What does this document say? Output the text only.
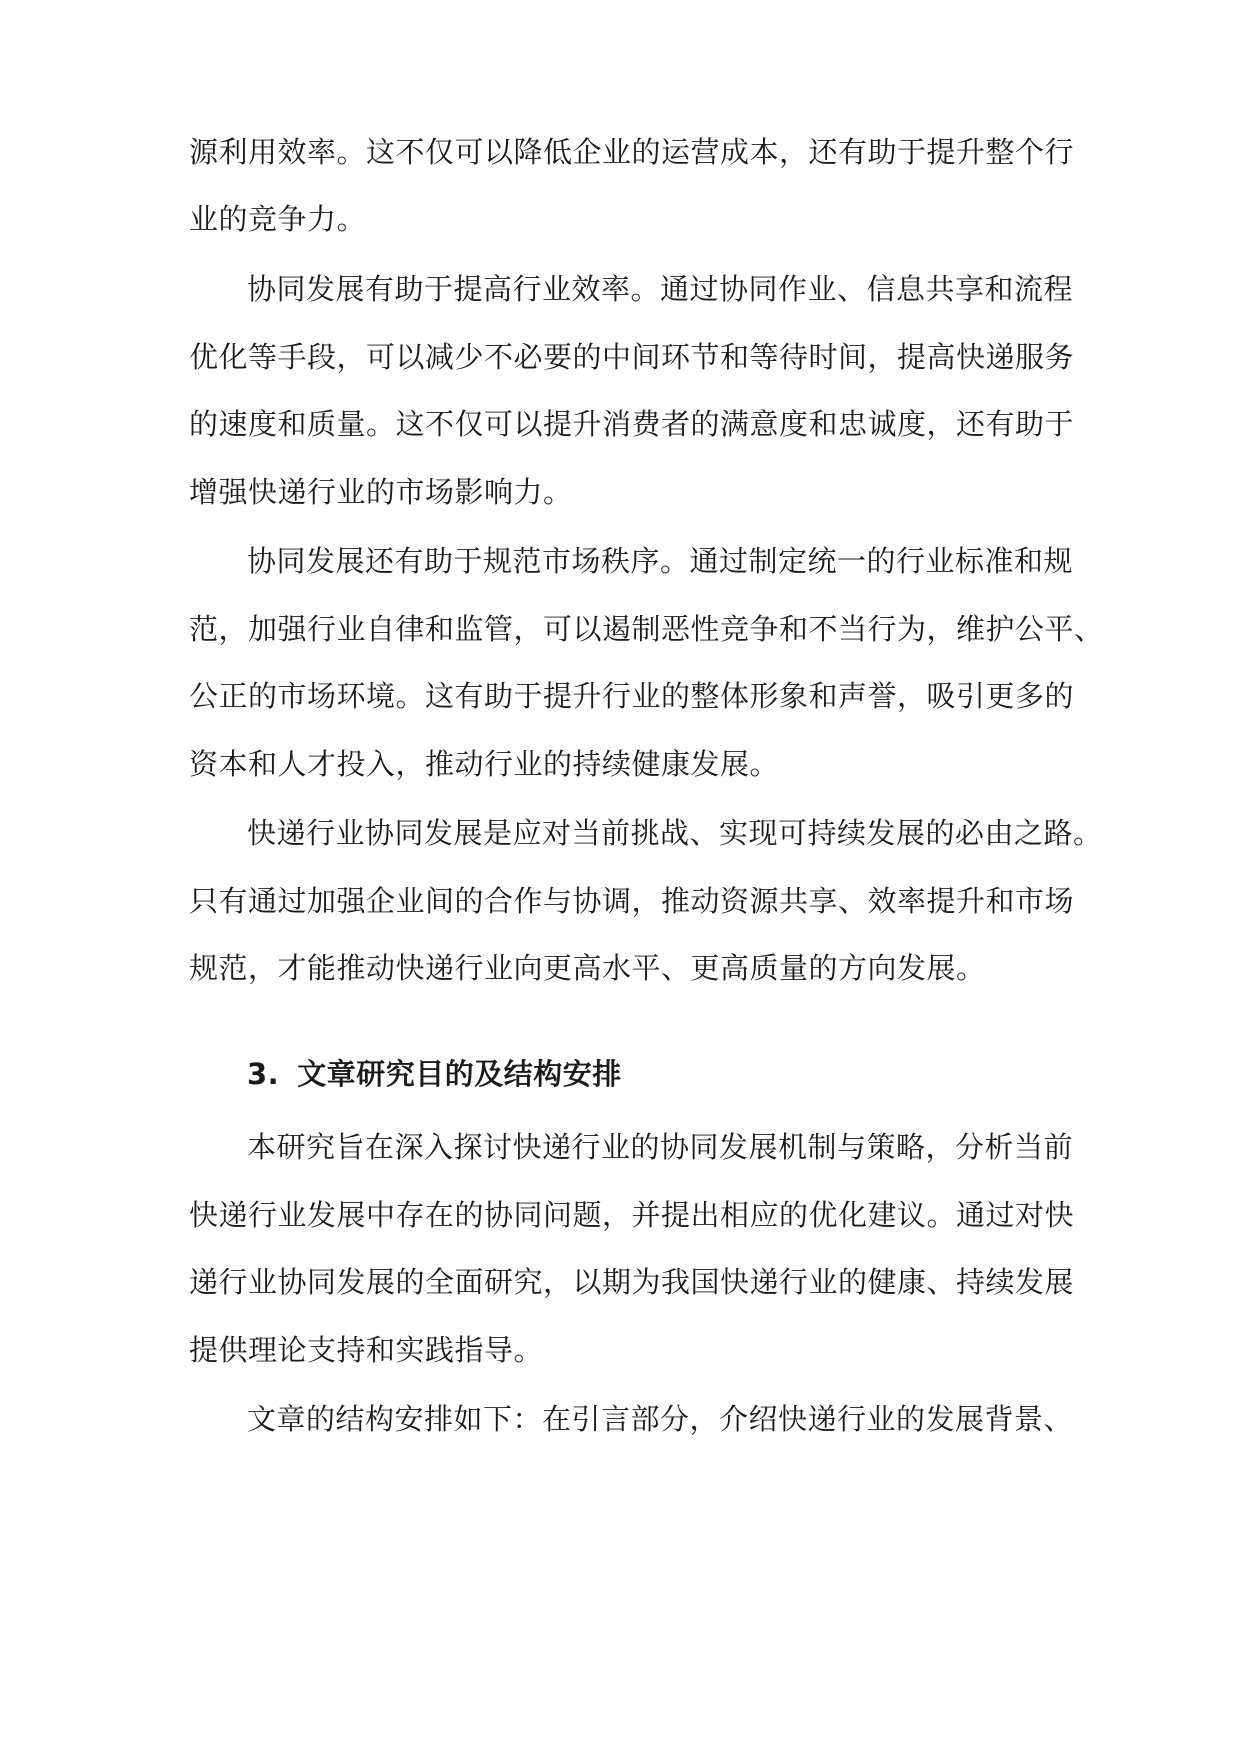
源利用效率。这不仅可以降低企业的运营成本，还有助于提升整个行
业的竞争力。
协同发展有助于提高行业效率。通过协同作业、信息共享和流程
优化等手段，可以减少不必要的中间环节和等待时间，提高快递服务
的速度和质量。这不仅可以提升消费者的满意度和忠诚度，还有助于
增强快递行业的市场影响力。
协同发展还有助于规范市场秩序。通过制定统一的行业标准和规
范，加强行业自律和监管，可以遏制恶性竞争和不当行为，维护公平、
公正的市场环境。这有助于提升行业的整体形象和声誉，吸引更多的
资本和人才投入，推动行业的持续健康发展。
快递行业协同发展是应对当前挑战、实现可持续发展的必由之路。
只有通过加强企业间的合作与协调，推动资源共享、效率提升和市场
规范，才能推动快递行业向更高水平、更高质量的方向发展。
3. 文章研究目的及结构安排
本研究旨在深入探讨快递行业的协同发展机制与策略，分析当前
快递行业发展中存在的协同问题，并提出相应的优化建议。通过对快
递行业协同发展的全面研究，以期为我国快递行业的健康、持续发展
提供理论支持和实践指导。
文章的结构安排如下：在引言部分，介绍快递行业的发展背景、
